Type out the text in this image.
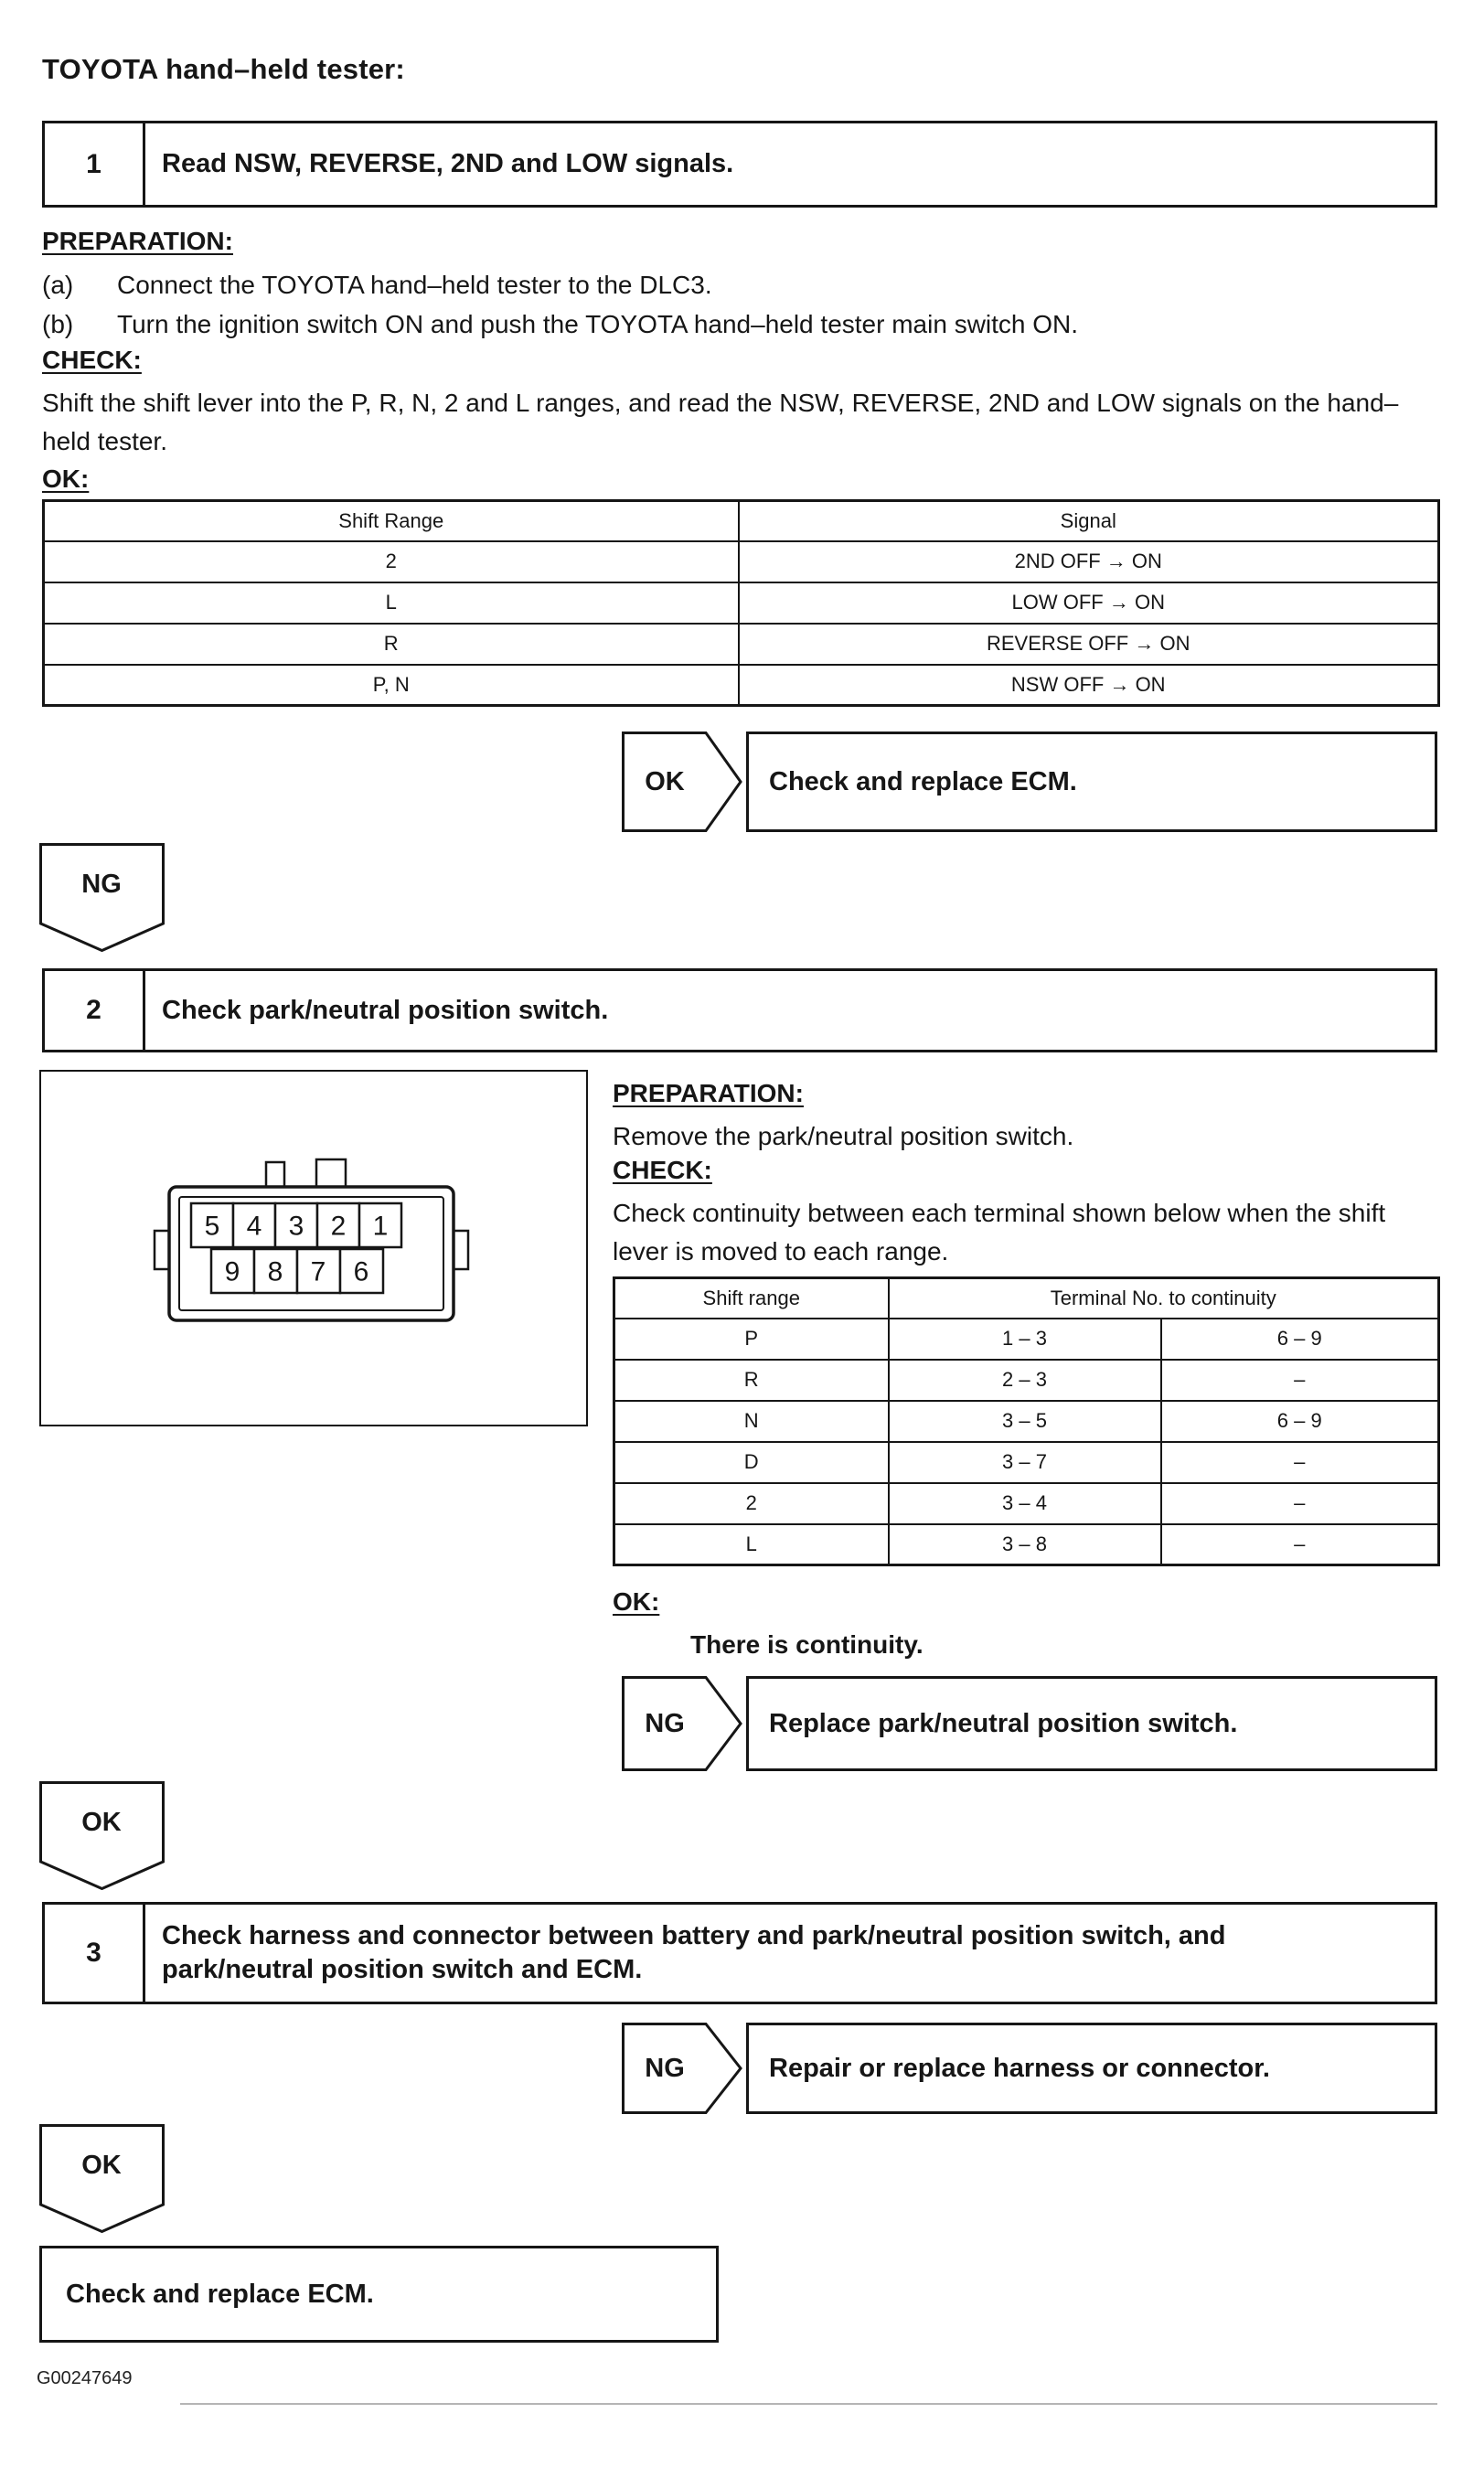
TOYOTA hand–held tester:
1	Read NSW, REVERSE, 2ND and LOW signals.
PREPARATION:
(a)	Connect the TOYOTA hand–held tester to the DLC3.
(b)	Turn the ignition switch ON and push the TOYOTA hand–held tester main switch ON.
CHECK:
Shift the shift lever into the P, R, N, 2 and L ranges, and read the NSW, REVERSE, 2ND and LOW signals on the hand–held tester.
OK:
Shift Range	Signal
2	2ND OFF → ON
L	LOW OFF → ON
R	REVERSE OFF → ON
P, N	NSW OFF → ON
OK	Check and replace ECM.
NG
2	Check park/neutral position switch.
5 4 3 2 1
9 8 7 6
PREPARATION:
Remove the park/neutral position switch.
CHECK:
Check continuity between each terminal shown below when the shift lever is moved to each range.
Shift range	Terminal No. to continuity	
P	1 – 3	6 – 9
R	2 – 3	–
N	3 – 5	6 – 9
D	3 – 7	–
2	3 – 4	–
L	3 – 8	–
OK:
There is continuity.
NG	Replace park/neutral position switch.
OK
3
Check harness and connector between battery and park/neutral position switch, and park/neutral position switch and ECM.
NG	Repair or replace harness or connector.
OK
Check and replace ECM.
G00247649
